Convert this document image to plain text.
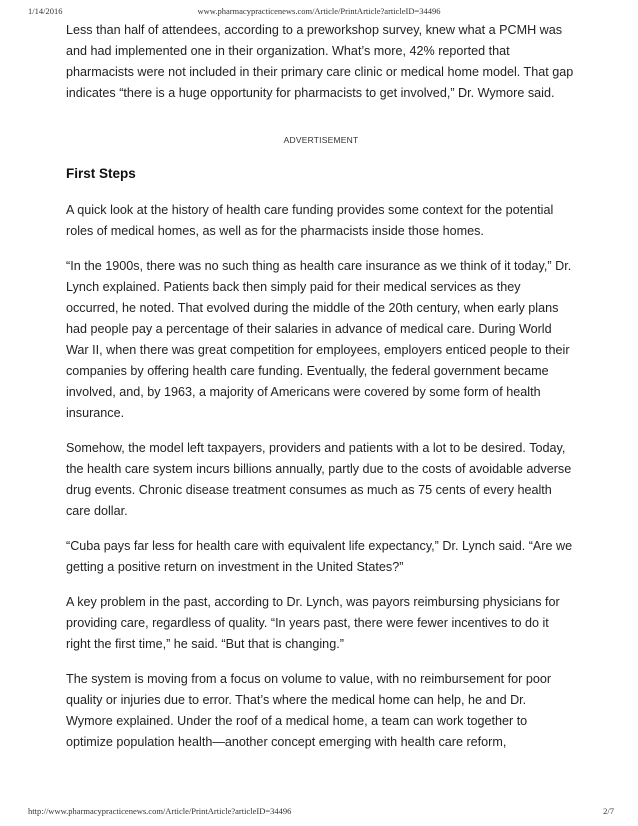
1/14/2016	www.pharmacypracticenews.com/Article/PrintArticle?articleID=34496

Less than half of attendees, according to a preworkshop survey, knew what a PCMH was and had implemented one in their organization. What’s more, 42% reported that pharmacists were not included in their primary care clinic or medical home model. That gap indicates “there is a huge opportunity for pharmacists to get involved,” Dr. Wymore said.

ADVERTISEMENT

First Steps

A quick look at the history of health care funding provides some context for the potential roles of medical homes, as well as for the pharmacists inside those homes.

“In the 1900s, there was no such thing as health care insurance as we think of it today,” Dr. Lynch explained. Patients back then simply paid for their medical services as they occurred, he noted. That evolved during the middle of the 20th century, when early plans had people pay a percentage of their salaries in advance of medical care. During World War II, when there was great competition for employees, employers enticed people to their companies by offering health care funding. Eventually, the federal government became involved, and, by 1963, a majority of Americans were covered by some form of health insurance.

Somehow, the model left taxpayers, providers and patients with a lot to be desired. Today, the health care system incurs billions annually, partly due to the costs of avoidable adverse drug events. Chronic disease treatment consumes as much as 75 cents of every health care dollar.

“Cuba pays far less for health care with equivalent life expectancy,” Dr. Lynch said. “Are we getting a positive return on investment in the United States?”

A key problem in the past, according to Dr. Lynch, was payors reimbursing physicians for providing care, regardless of quality. “In years past, there were fewer incentives to do it right the first time,” he said. “But that is changing.”

The system is moving from a focus on volume to value, with no reimbursement for poor quality or injuries due to error. That’s where the medical home can help, he and Dr. Wymore explained. Under the roof of a medical home, a team can work together to optimize population health—another concept emerging with health care reform,

http://www.pharmacypracticenews.com/Article/PrintArticle?articleID=34496	2/7
